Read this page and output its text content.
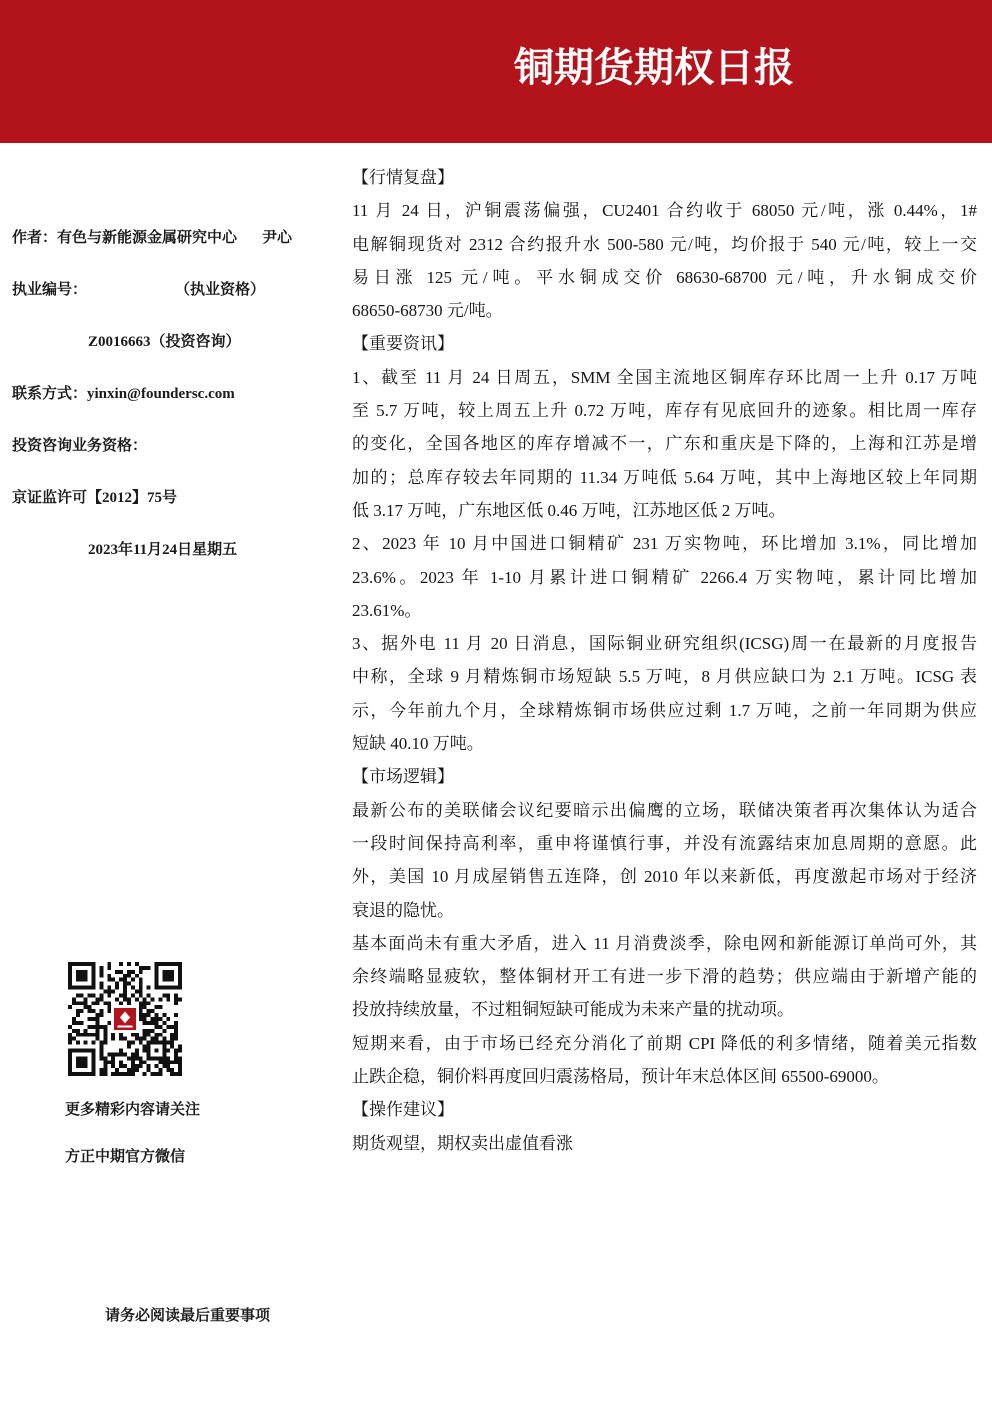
铜期货期权日报
作者：有色与新能源金属研究中心 尹心
执业编号：	（执业资格）
Z0016663（投资咨询）
联系方式：yinxin@foundersc.com
投资咨询业务资格：
京证监许可【2012】75号
2023年11月24日星期五
更多精彩内容请关注
方正中期官方微信
请务必阅读最后重要事项
【行情复盘】
11 月 24 日，沪铜震荡偏强，CU2401 合约收于 68050 元/吨，涨 0.44%，1#
电解铜现货对 2312 合约报升水 500-580 元/吨，均价报于 540 元/吨，较上一交
易日涨 125 元/吨。平水铜成交价 68630-68700 元/吨，升水铜成交价
68650-68730 元/吨。
【重要资讯】
1、截至 11 月 24 日周五，SMM 全国主流地区铜库存环比周一上升 0.17 万吨
至 5.7 万吨，较上周五上升 0.72 万吨，库存有见底回升的迹象。相比周一库存
的变化，全国各地区的库存增减不一，广东和重庆是下降的，上海和江苏是增
加的；总库存较去年同期的 11.34 万吨低 5.64 万吨，其中上海地区较上年同期
低 3.17 万吨，广东地区低 0.46 万吨，江苏地区低 2 万吨。
2、2023 年 10 月中国进口铜精矿 231 万实物吨，环比增加 3.1%，同比增加
23.6%。2023 年 1-10 月累计进口铜精矿 2266.4 万实物吨，累计同比增加
23.61%。
3、据外电 11 月 20 日消息，国际铜业研究组织(ICSG)周一在最新的月度报告
中称，全球 9 月精炼铜市场短缺 5.5 万吨，8 月供应缺口为 2.1 万吨。ICSG 表
示，今年前九个月，全球精炼铜市场供应过剩 1.7 万吨，之前一年同期为供应
短缺 40.10 万吨。
【市场逻辑】
最新公布的美联储会议纪要暗示出偏鹰的立场，联储决策者再次集体认为适合
一段时间保持高利率，重申将谨慎行事，并没有流露结束加息周期的意愿。此
外，美国 10 月成屋销售五连降，创 2010 年以来新低，再度激起市场对于经济
衰退的隐忧。
基本面尚未有重大矛盾，进入 11 月消费淡季，除电网和新能源订单尚可外，其
余终端略显疲软，整体铜材开工有进一步下滑的趋势；供应端由于新增产能的
投放持续放量，不过粗铜短缺可能成为未来产量的扰动项。
短期来看，由于市场已经充分消化了前期 CPI 降低的利多情绪，随着美元指数
止跌企稳，铜价料再度回归震荡格局，预计年末总体区间 65500-69000。
【操作建议】
期货观望，期权卖出虚值看涨
